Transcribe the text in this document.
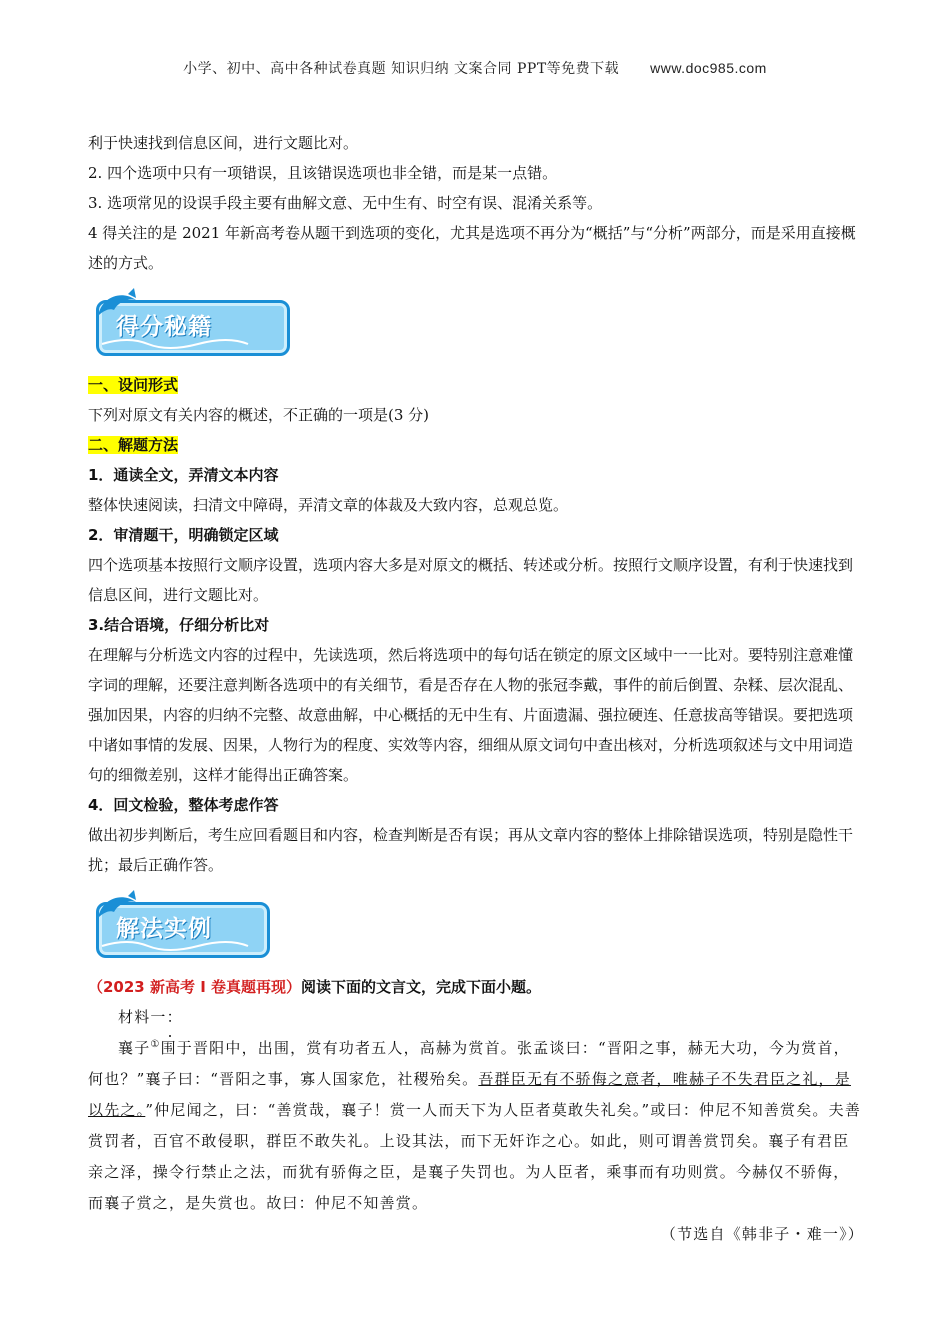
小学、初中、高中各种试卷真题 知识归纳 文案合同 PPT等免费下载 www.doc985.com

利于快速找到信息区间，进行文题比对。

2. 四个选项中只有一项错误，且该错误选项也非全错，而是某一点错。

3. 选项常见的设误手段主要有曲解文意、无中生有、时空有误、混淆关系等。

4 得关注的是 2021 年新高考卷从题干到选项的变化，尤其是选项不再分为“概括”与“分析”两部分，而是采用直接概述的方式。

得分秘籍

一、设问形式

下列对原文有关内容的概述，不正确的一项是(3 分)

二、解题方法

1．通读全文，弄清文本内容

整体快速阅读，扫清文中障碍，弄清文章的体裁及大致内容，总观总览。

2．审清题干，明确锁定区域

四个选项基本按照行文顺序设置，选项内容大多是对原文的概括、转述或分析。按照行文顺序设置，有利于快速找到信息区间，进行文题比对。

3.结合语境，仔细分析比对

在理解与分析选文内容的过程中，先读选项，然后将选项中的每句话在锁定的原文区域中一一比对。要特别注意难懂字词的理解，还要注意判断各选项中的有关细节，看是否存在人物的张冠李戴，事件的前后倒置、杂糅、层次混乱、强加因果，内容的归纳不完整、故意曲解，中心概括的无中生有、片面遗漏、强拉硬连、任意拔高等错误。要把选项中诸如事情的发展、因果，人物行为的程度、实效等内容，细细从原文词句中查出核对，分析选项叙述与文中用词造句的细微差别，这样才能得出正确答案。

4．回文检验，整体考虑作答

做出初步判断后，考生应回看题目和内容，检查判断是否有误；再从文章内容的整体上排除错误选项，特别是隐性干扰；最后正确作答。

解法实例

（2023 新高考 I 卷真题再现）阅读下面的文言文，完成下面小题。

材料一：

襄子①围于晋阳中，出围，赏有功者五人，高赫为赏首。张孟谈曰：“晋阳之事，赫无大功，今为赏首，何也？”襄子曰：“晋阳之事，寡人国家危，社稷殆矣。吾群臣无有不骄侮之意者，唯赫子不失君臣之礼，是以先之。”仲尼闻之，曰：“善赏哉，襄子！赏一人而天下为人臣者莫敢失礼矣。”或曰：仲尼不知善赏矣。夫善赏罚者，百官不敢侵职，群臣不敢失礼。上设其法，而下无奸诈之心。如此，则可谓善赏罚矣。襄子有君臣亲之泽，操令行禁止之法，而犹有骄侮之臣，是襄子失罚也。为人臣者，乘事而有功则赏。今赫仅不骄侮，而襄子赏之，是失赏也。故曰：仲尼不知善赏。

（节选自《韩非子・难一》）
